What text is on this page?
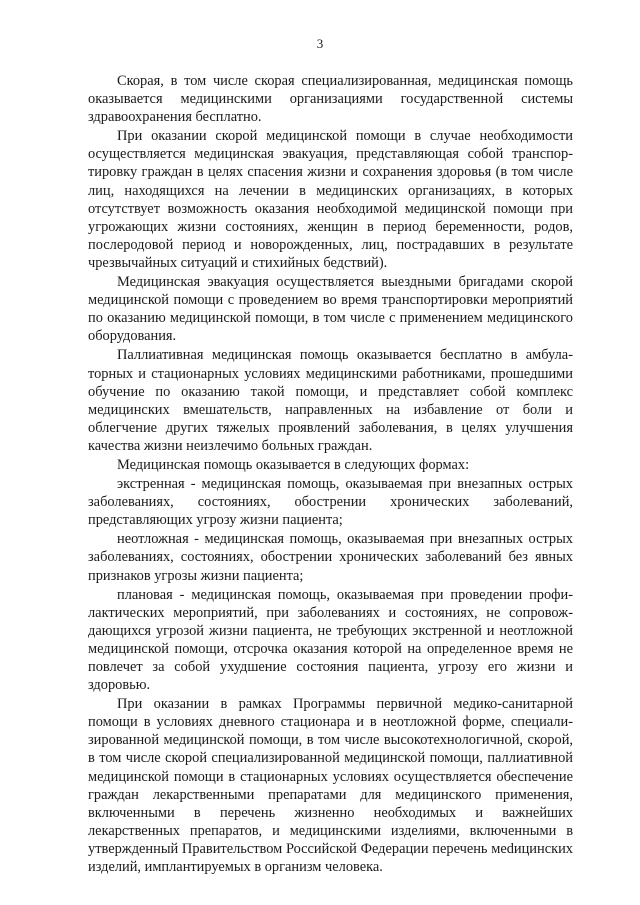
3

Скорая, в том числе скорая специализированная, медицинская помощь оказывается медицинскими организациями государственной системы здравоохранения бесплатно.

При оказании скорой медицинской помощи в случае необходимости осуществляется медицинская эвакуация, представляющая собой транспортировку граждан в целях спасения жизни и сохранения здоровья (в том числе лиц, находящихся на лечении в медицинских организациях, в которых отсутствует возможность оказания необходимой медицинской помощи при угрожающих жизни состояниях, женщин в период беременности, родов, послеродовой период и новорожденных, лиц, пострадавших в результате чрезвычайных ситуаций и стихийных бедствий).

Медицинская эвакуация осуществляется выездными бригадами скорой медицинской помощи с проведением во время транспортировки мероприятий по оказанию медицинской помощи, в том числе с применением медицинского оборудования.

Паллиативная медицинская помощь оказывается бесплатно в амбулаторных и стационарных условиях медицинскими работниками, прошедшими обучение по оказанию такой помощи, и представляет собой комплекс медицинских вмешательств, направленных на избавление от боли и облегчение других тяжелых проявлений заболевания, в целях улучшения качества жизни неизлечимо больных граждан.

Медицинская помощь оказывается в следующих формах:

экстренная - медицинская помощь, оказываемая при внезапных острых заболеваниях, состояниях, обострении хронических заболеваний, представляющих угрозу жизни пациента;

неотложная - медицинская помощь, оказываемая при внезапных острых заболеваниях, состояниях, обострении хронических заболеваний без явных признаков угрозы жизни пациента;

плановая - медицинская помощь, оказываемая при проведении профилактических мероприятий, при заболеваниях и состояниях, не сопровождающихся угрозой жизни пациента, не требующих экстренной и неотложной медицинской помощи, отсрочка оказания которой на определенное время не повлечет за собой ухудшение состояния пациента, угрозу его жизни и здоровью.

При оказании в рамках Программы первичной медико-санитарной помощи в условиях дневного стационара и в неотложной форме, специализированной медицинской помощи, в том числе высокотехнологичной, скорой, в том числе скорой специализированной медицинской помощи, паллиативной медицинской помощи в стационарных условиях осуществляется обеспечение граждан лекарственными препаратами для медицинского применения, включенными в перечень жизненно необходимых и важнейших лекарственных препаратов, и медицинскими изделиями, включенными в утвержденный Правительством Российской Федерации перечень меdицинских изделий, имплантируемых в организм человека.
